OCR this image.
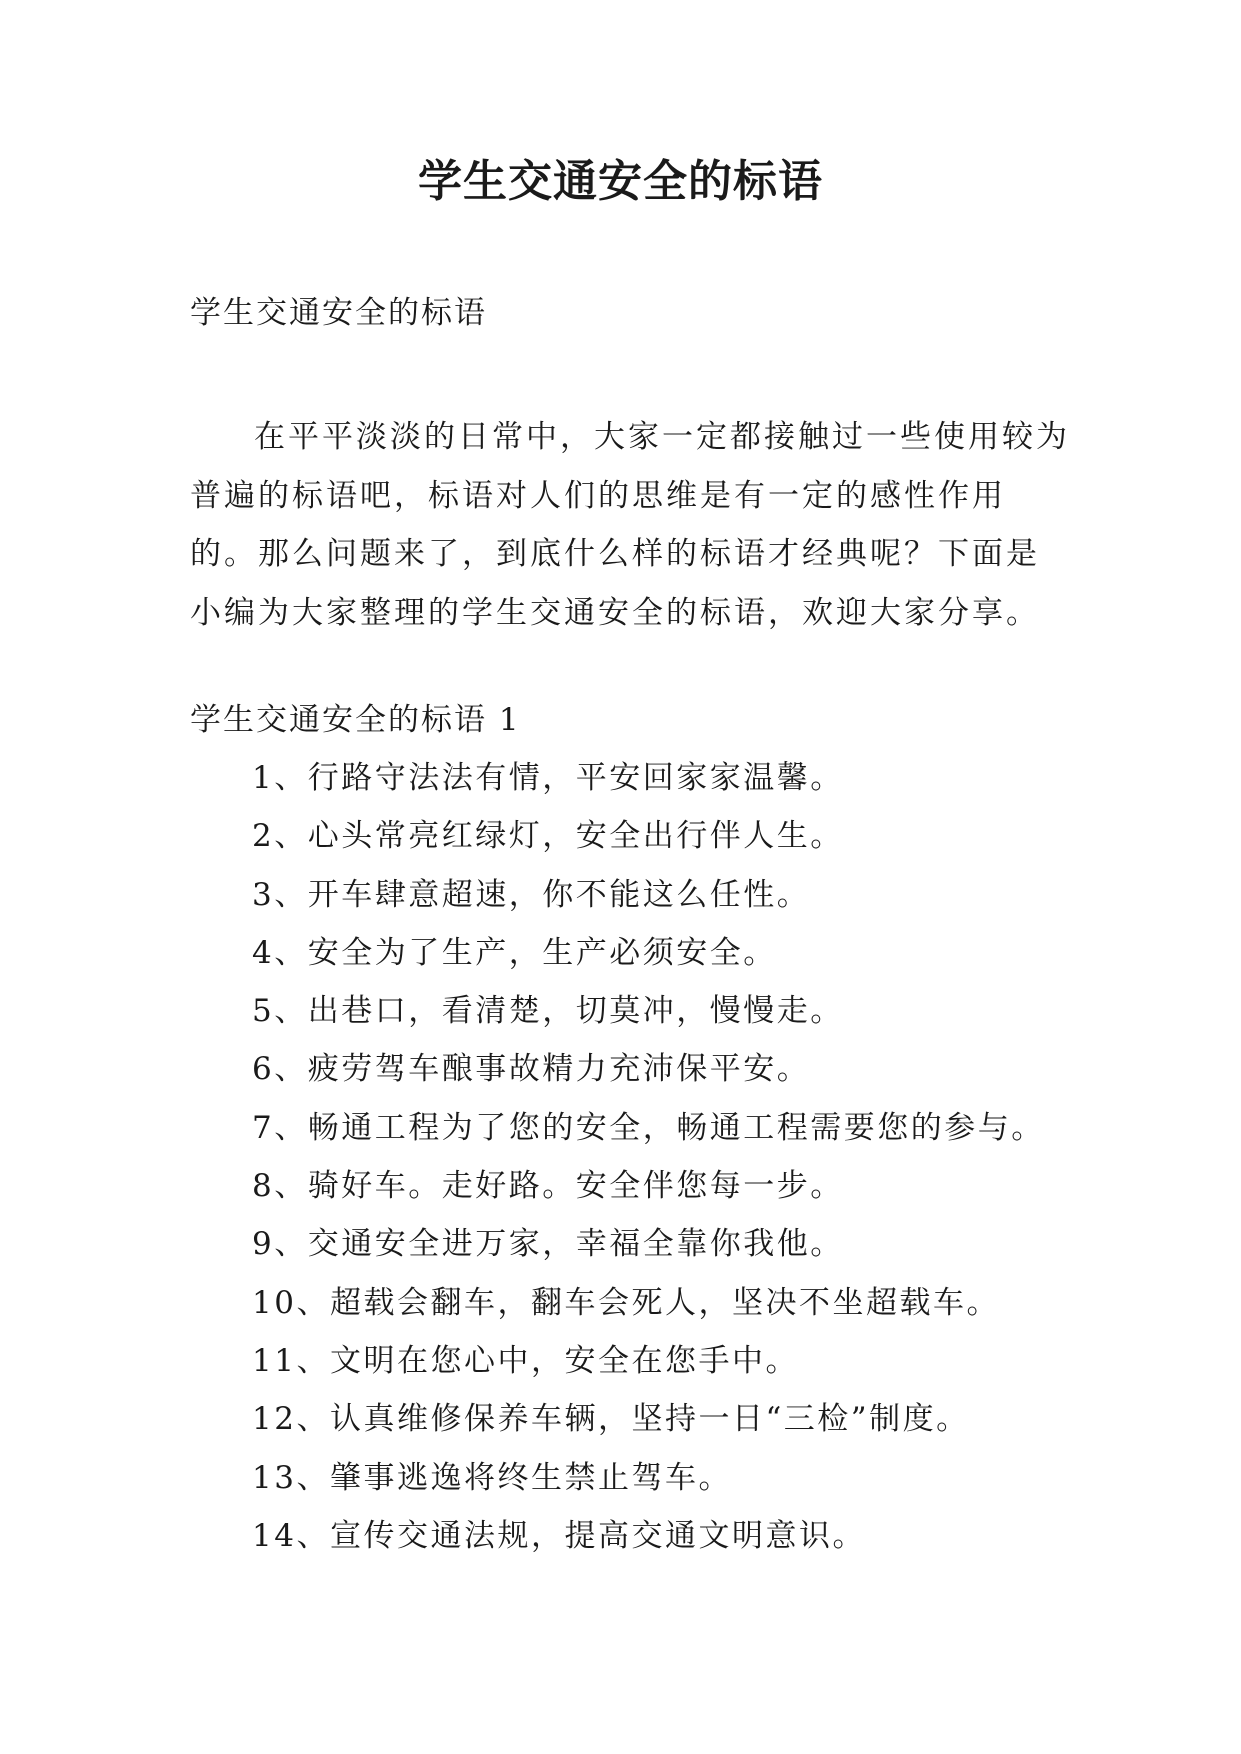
学生交通安全的标语
学生交通安全的标语

在平平淡淡的日常中，大家一定都接触过一些使用较为普遍的标语吧，标语对人们的思维是有一定的感性作用的。那么问题来了，到底什么样的标语才经典呢？下面是小编为大家整理的学生交通安全的标语，欢迎大家分享。

学生交通安全的标语 1
1、行路守法法有情，平安回家家温馨。
2、心头常亮红绿灯，安全出行伴人生。
3、开车肆意超速，你不能这么任性。
4、安全为了生产，生产必须安全。
5、出巷口，看清楚，切莫冲，慢慢走。
6、疲劳驾车酿事故精力充沛保平安。
7、畅通工程为了您的安全，畅通工程需要您的参与。
8、骑好车。走好路。安全伴您每一步。
9、交通安全进万家，幸福全靠你我他。
10、超载会翻车，翻车会死人，坚决不坐超载车。
11、文明在您心中，安全在您手中。
12、认真维修保养车辆，坚持一日“三检”制度。
13、肇事逃逸将终生禁止驾车。
14、宣传交通法规，提高交通文明意识。
